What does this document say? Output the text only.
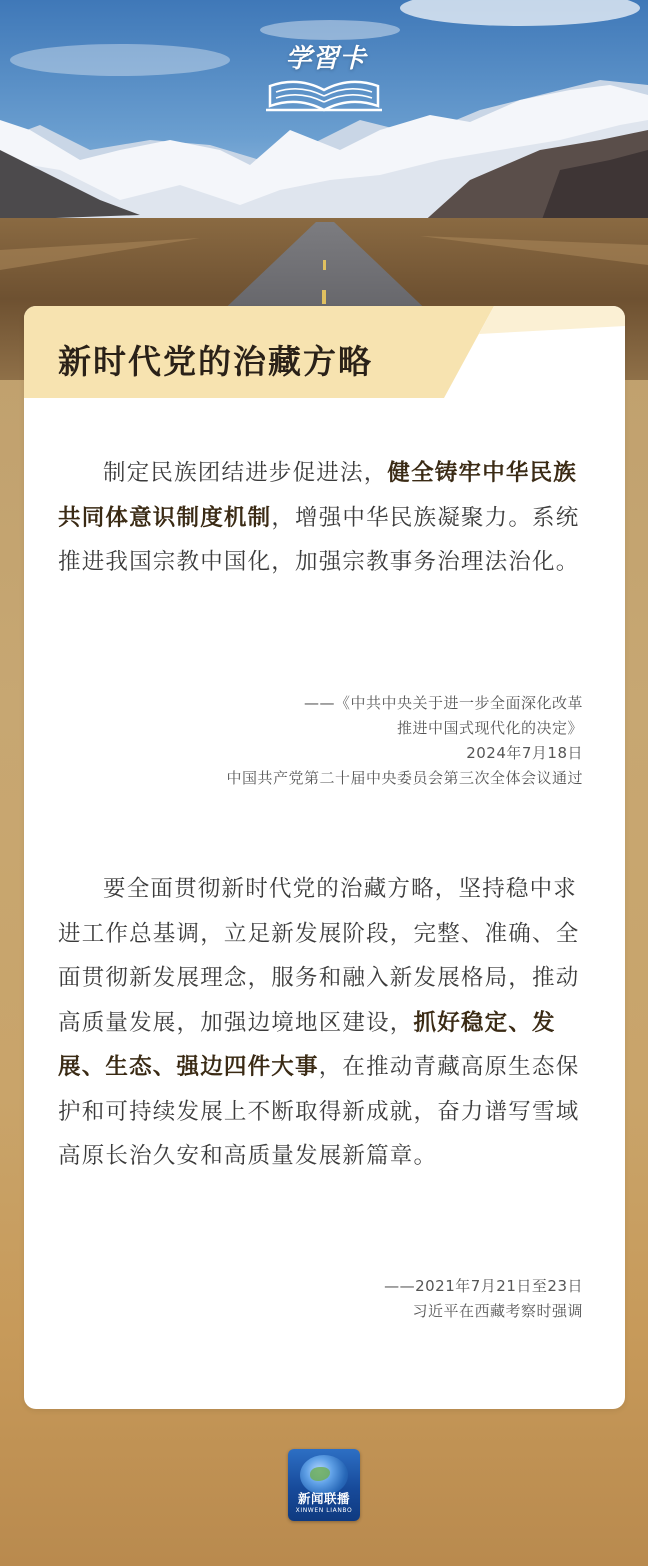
学習卡
新时代党的治藏方略

制定民族团结进步促进法，健全铸牢中华民族共同体意识制度机制，增强中华民族凝聚力。系统推进我国宗教中国化，加强宗教事务治理法治化。

——《中共中央关于进一步全面深化改革
推进中国式现代化的决定》
2024年7月18日
中国共产党第二十届中央委员会第三次全体会议通过

要全面贯彻新时代党的治藏方略，坚持稳中求进工作总基调，立足新发展阶段，完整、准确、全面贯彻新发展理念，服务和融入新发展格局，推动高质量发展，加强边境地区建设，抓好稳定、发展、生态、强边四件大事，在推动青藏高原生态保护和可持续发展上不断取得新成就，奋力谱写雪域高原长治久安和高质量发展新篇章。

——2021年7月21日至23日
习近平在西藏考察时强调

新闻联播
XINWEN LIANBO
